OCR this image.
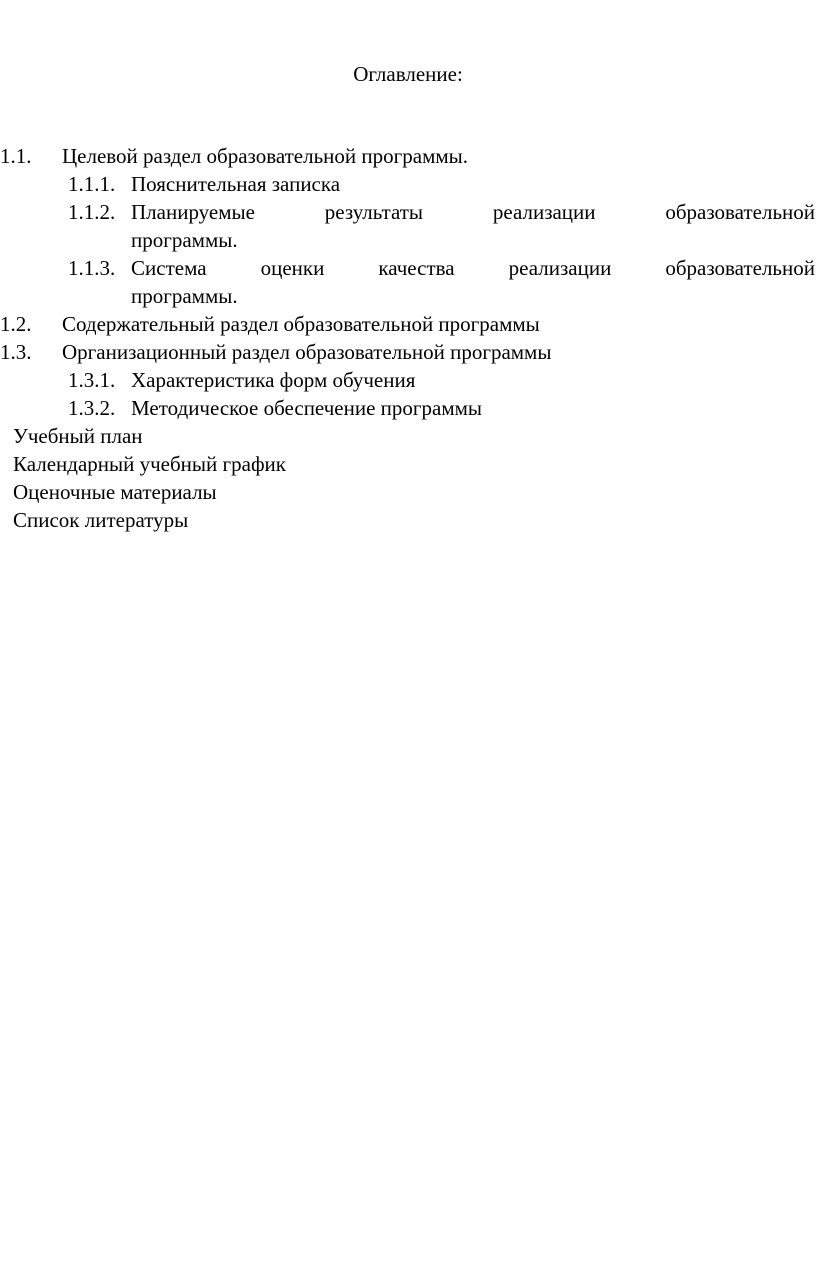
Оглавление:
1.1. Целевой раздел образовательной программы.
1.1.1. Пояснительная записка
1.1.2. Планируемые результаты реализации образовательной
программы.
1.1.3. Система оценки качества реализации образовательной
программы.
1.2. Содержательный раздел образовательной программы
1.3. Организационный раздел образовательной программы
1.3.1. Характеристика форм обучения
1.3.2. Методическое обеспечение программы
Учебный план
Календарный учебный график
Оценочные материалы
Список литературы
